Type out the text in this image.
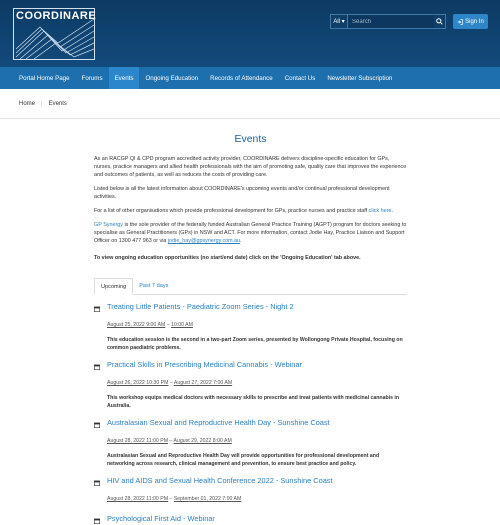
COORDINARE	All ▾
Search	Sign In
Portal Home Page	Forums	Events	Ongoing Education	Records of Attendance	Contact Us	Newsletter Subscription
Home | Events
Events

As an RACGP QI & CPD program accredited activity provider, COORDINARE delivers discipline-specific education for GPs, nurses, practice managers and allied health professionals with the aim of promoting safe, quality care that improves the experience and outcomes of patients, as well as reduces the costs of providing care.

Listed below is all the latest information about COORDINARE's upcoming events and/or continual professional development activities.

For a list of other organisations which provide professional development for GPs, practice nurses and practice staff click here.

GP Synergy is the sole provider of the federally funded Australian General Practice Training (AGPT) program for doctors seeking to specialise as General Practitioners (GPs) in NSW and ACT. For more information, contact Jodie Hay, Practice Liaison and Support Officer on 1300 477 963 or via jodie_hay@gpsynergy.com.au.

To view ongoing education opportunities (no start/end date) click on the 'Ongoing Education' tab above.

Upcoming	Past 7 days
Treating Little Patients - Paediatric Zoom Series - Night 2
August 25, 2022 9:00 AM – 10:00 AM

This education session is the second in a two-part Zoom series, presented by Wollongong Private Hospital, focusing on common paediatric problems.

Practical Skills in Prescribing Medicinal Cannabis - Webinar
August 26, 2022 10:30 PM – August 27, 2022 7:00 AM

This workshop equips medical doctors with necessary skills to prescribe and treat patients with medicinal cannabis in Australia.

Australasian Sexual and Reproductive Health Day - Sunshine Coast
August 28, 2022 11:00 PM – August 29, 2022 8:00 AM

Australasian Sexual and Reproductive Health Day will provide opportunities for professional development and networking across research, clinical management and prevention, to ensure best practice and policy.

HIV and AIDS and Sexual Health Conference 2022 - Sunshine Coast
August 28, 2022 11:00 PM – September 01, 2022 7:00 AM
Psychological First Aid - Webinar
